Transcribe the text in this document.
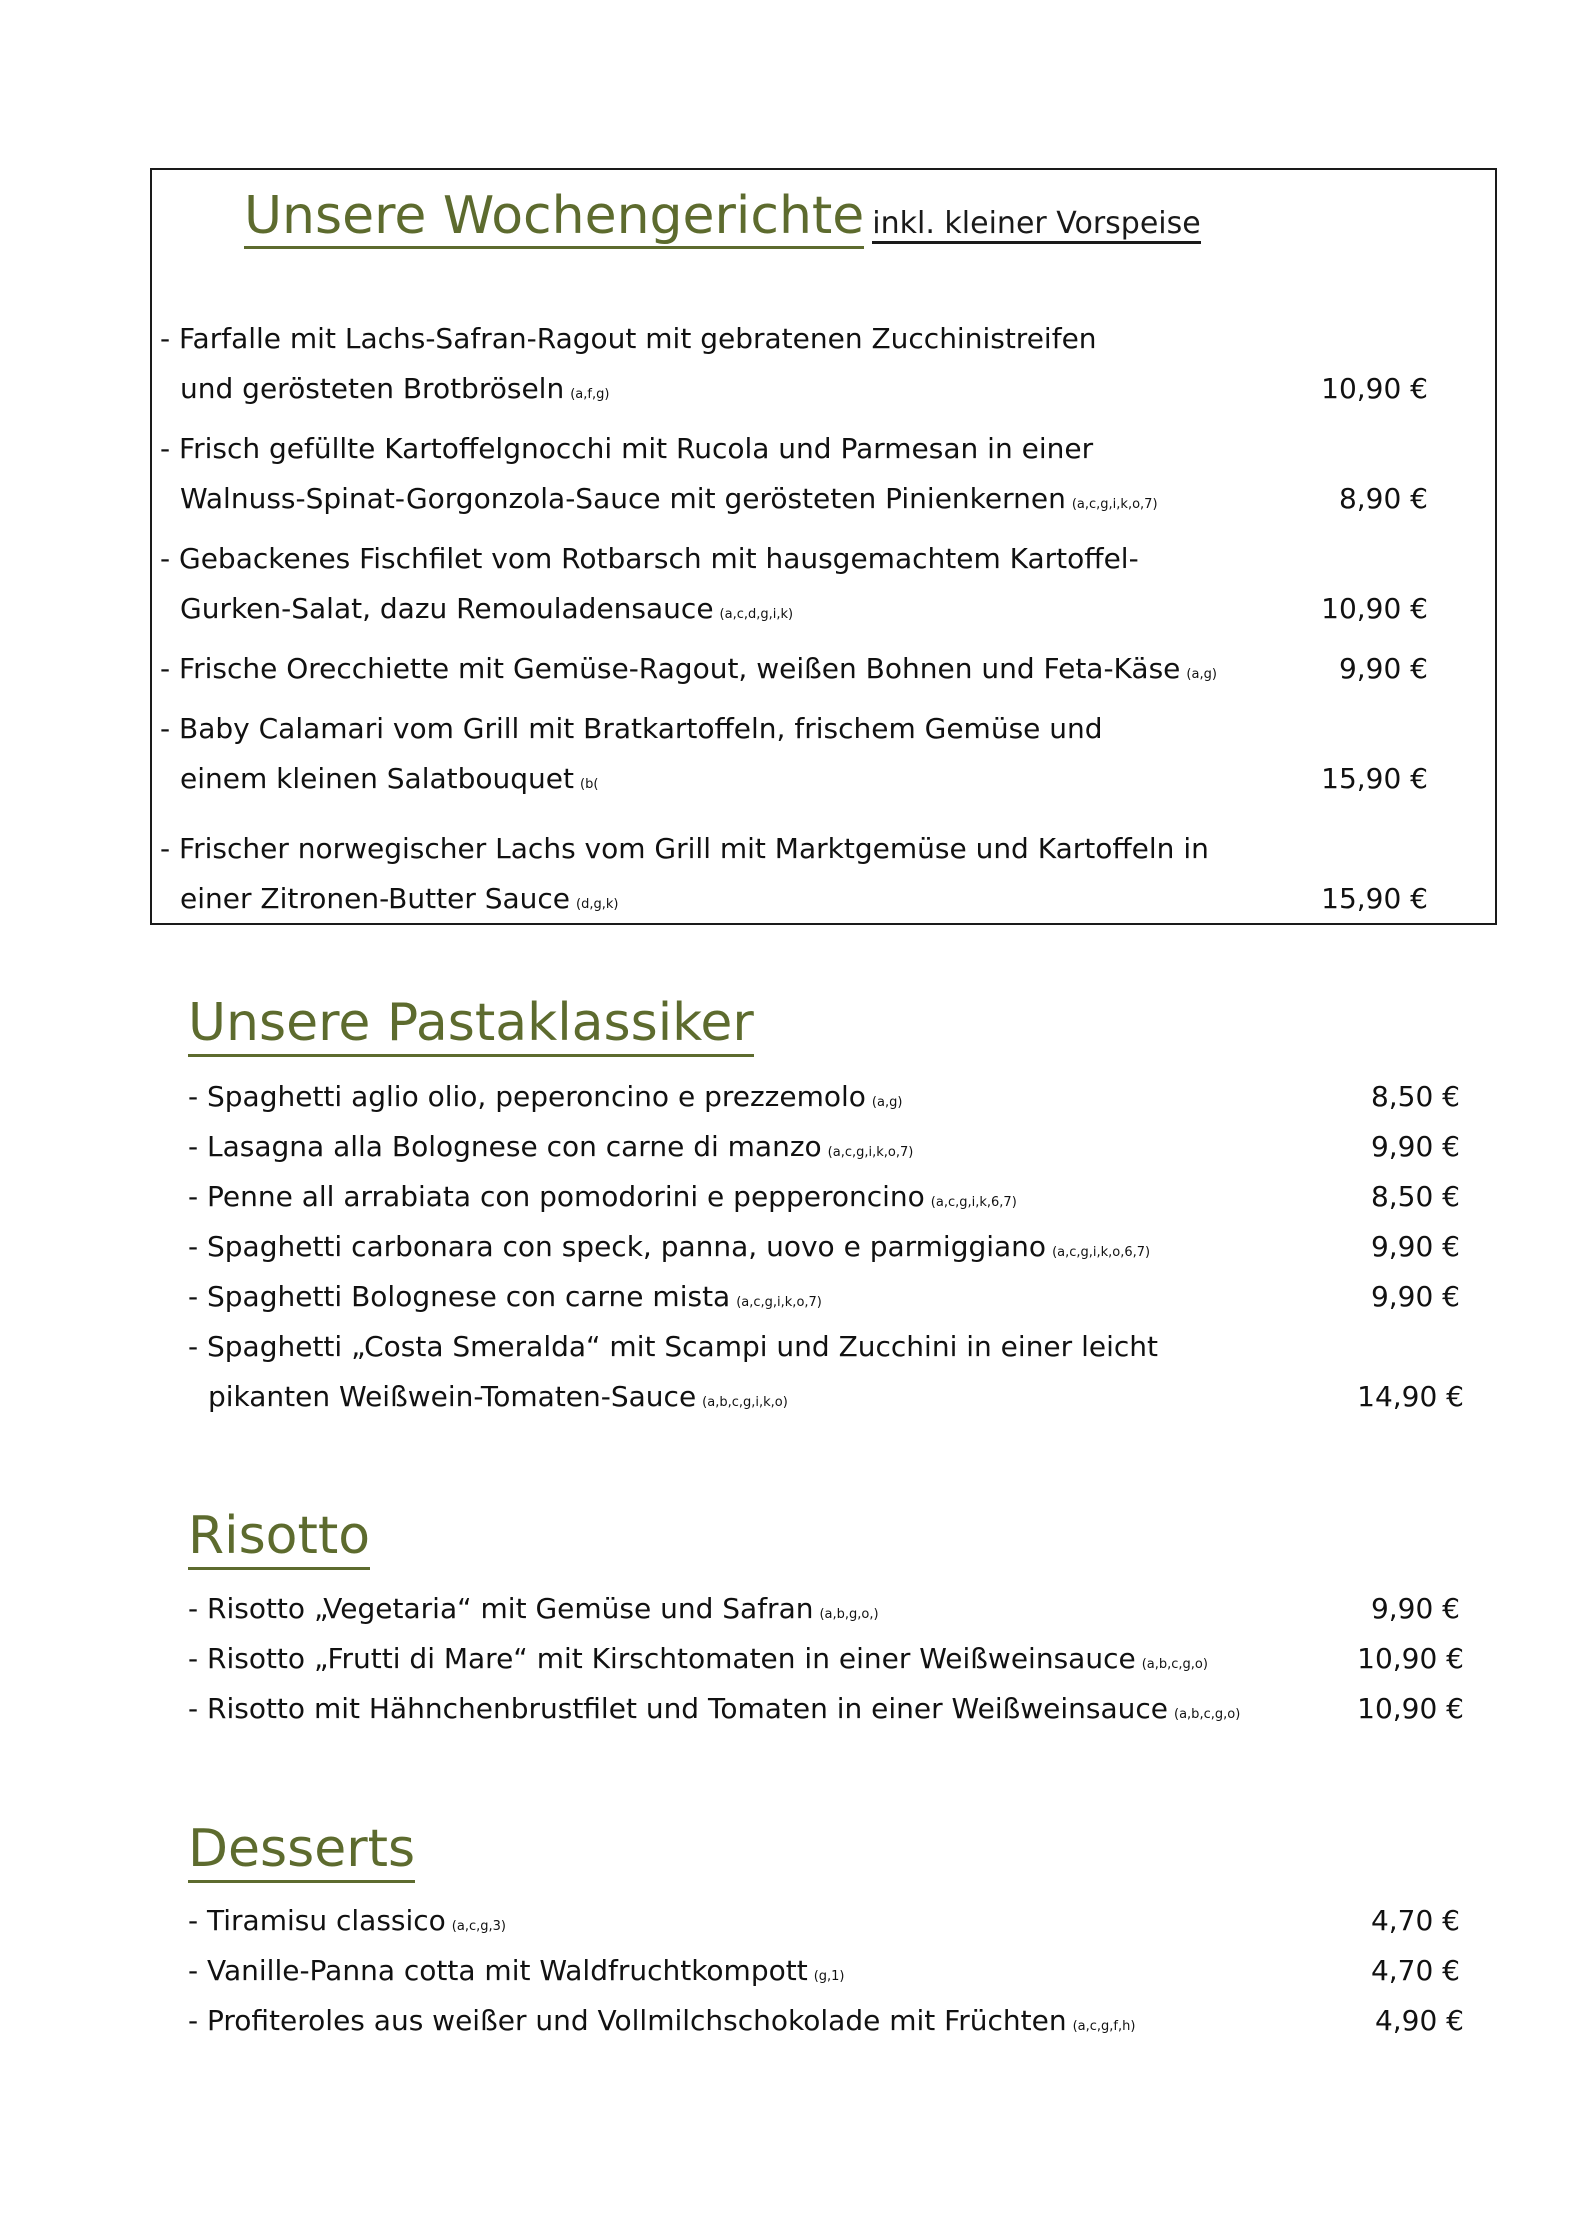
Unsere Wochengerichte inkl. kleiner Vorspeise
- Farfalle mit Lachs-Safran-Ragout mit gebratenen Zucchinistreifen
und gerösteten Brotbröseln (a,f,g)	10,90 €
- Frisch gefüllte Kartoffelgnocchi mit Rucola und Parmesan in einer
Walnuss-Spinat-Gorgonzola-Sauce mit gerösteten Pinienkernen (a,c,g,i,k,o,7)	8,90 €
- Gebackenes Fischfilet vom Rotbarsch mit hausgemachtem Kartoffel-
Gurken-Salat, dazu Remouladensauce (a,c,d,g,i,k)	10,90 €
- Frische Orecchiette mit Gemüse-Ragout, weißen Bohnen und Feta-Käse (a,g)	9,90 €
- Baby Calamari vom Grill mit Bratkartoffeln, frischem Gemüse und
einem kleinen Salatbouquet (b(	15,90 €
- Frischer norwegischer Lachs vom Grill mit Marktgemüse und Kartoffeln in
einer Zitronen-Butter Sauce (d,g,k)	15,90 €
Unsere Pastaklassiker
- Spaghetti aglio olio, peperoncino e prezzemolo (a,g)	8,50 €
- Lasagna alla Bolognese con carne di manzo (a,c,g,i,k,o,7)	9,90 €
- Penne all arrabiata con pomodorini e pepperoncino (a,c,g,i,k,6,7)	8,50 €
- Spaghetti carbonara con speck, panna, uovo e parmiggiano (a,c,g,i,k,o,6,7)	9,90 €
- Spaghetti Bolognese con carne mista (a,c,g,i,k,o,7)	9,90 €
- Spaghetti „Costa Smeralda“ mit Scampi und Zucchini in einer leicht
pikanten Weißwein-Tomaten-Sauce (a,b,c,g,i,k,o)	14,90 €
Risotto
- Risotto „Vegetaria“ mit Gemüse und Safran (a,b,g,o,)	9,90 €
- Risotto „Frutti di Mare“ mit Kirschtomaten in einer Weißweinsauce (a,b,c,g,o)	10,90 €
- Risotto mit Hähnchenbrustfilet und Tomaten in einer Weißweinsauce (a,b,c,g,o)	10,90 €
Desserts
- Tiramisu classico (a,c,g,3)	4,70 €
- Vanille-Panna cotta mit Waldfruchtkompott (g,1)	4,70 €
- Profiteroles aus weißer und Vollmilchschokolade mit Früchten (a,c,g,f,h)	4,90 €
